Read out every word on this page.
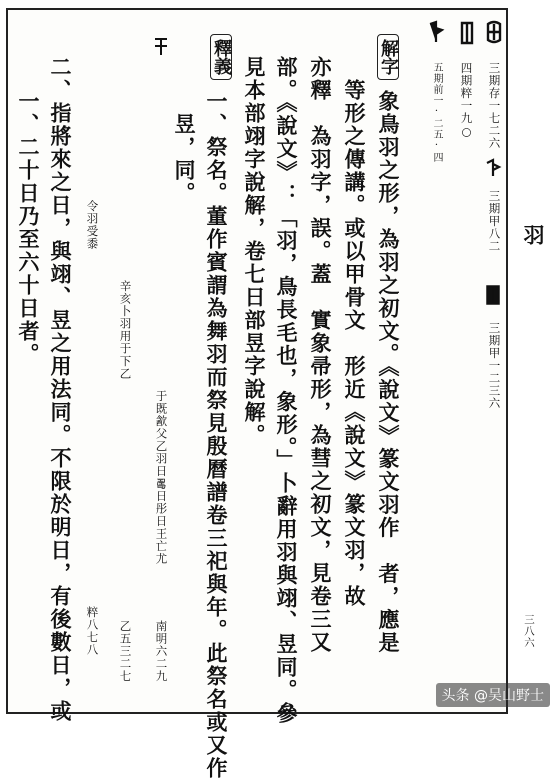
三期存一七二六
四期粹一九○
三期甲八二
三期甲一二三六
五期前一·二五·四
解字
象鳥羽之形，為羽之初文。《說文》篆文羽作　者，應是
　等形之傳講。或以甲骨文　形近《說文》篆文羽，故
亦釋　為羽字，誤。蓋　實象帚形，為彗之初文，見卷三又
部。《說文》：「羽，鳥長毛也，象形。」卜辭用羽與翊、昱同。參
見本部翊字說解，卷七日部昱字說解。
釋義
一、祭名。董作賓謂為舞羽而祭見殷曆譜卷三祀與年。此祭名或又作
　昱，同。
于既㱃父乙羽日𠷎日彤日王亡尤
南明六二九
辛亥卜羽用于下乙
乙五三二七
令羽受黍
粹八七八
二、指將來之日，與翊、昱之用法同。不限於明日，有後數日，或
一、二十日乃至六十日者。	羽
三八六
头条 @吴山野士
